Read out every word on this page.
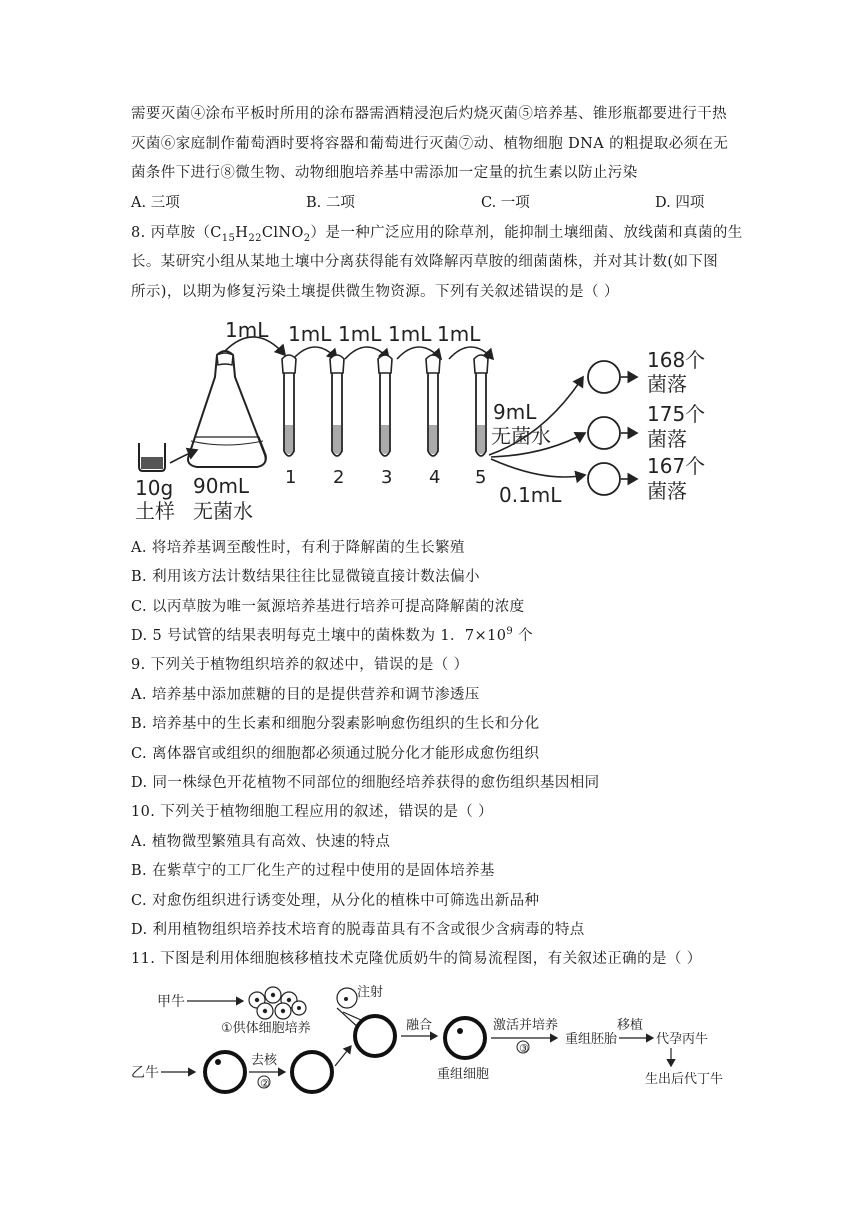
需要灭菌④涂布平板时所用的涂布器需酒精浸泡后灼烧灭菌⑤培养基、锥形瓶都要进行干热
灭菌⑥家庭制作葡萄酒时要将容器和葡萄进行灭菌⑦动、植物细胞 DNA 的粗提取必须在无
菌条件下进行⑧微生物、动物细胞培养基中需添加一定量的抗生素以防止污染
A. 三项	B. 二项	C. 一项	D. 四项
8. 丙草胺$(C_{15}H_{22}ClNO_2)$是一种广泛应用的除草剂，能抑制土壤细菌、放线菌和真菌的生
长。某研究小组从某地土壤中分离获得能有效降解丙草胺的细菌菌株，并对其计数(如下图
所示)，以期为修复污染土壤提供微生物资源。下列有关叙述错误的是（ ）
10g
土样
90mL
无菌水
1mL 1mL 1mL 1mL 1mL
1 2 3 4 5
9mL
无菌水
0.1mL
168个
菌落
175个
菌落
167个
菌落
A. 将培养基调至酸性时，有利于降解菌的生长繁殖
B. 利用该方法计数结果往往比显微镜直接计数法偏小
C. 以丙草胺为唯一氮源培养基进行培养可提高降解菌的浓度
D. 5 号试管的结果表明每克土壤中的菌株数为 1．$7\times 10^9$ 个
9. 下列关于植物组织培养的叙述中，错误的是（ ）
A. 培养基中添加蔗糖的目的是提供营养和调节渗透压
B. 培养基中的生长素和细胞分裂素影响愈伤组织的生长和分化
C. 离体器官或组织的细胞都必须通过脱分化才能形成愈伤组织
D. 同一株绿色开花植物不同部位的细胞经培养获得的愈伤组织基因相同
10. 下列关于植物细胞工程应用的叙述，错误的是（ ）
A. 植物微型繁殖具有高效、快速的特点
B. 在紫草宁的工厂化生产的过程中使用的是固体培养基
C. 对愈伤组织进行诱变处理，从分化的植株中可筛选出新品种
D. 利用植物组织培养技术培育的脱毒苗具有不含或很少含病毒的特点
11. 下图是利用体细胞核移植技术克隆优质奶牛的简易流程图，有关叙述正确的是（ ）
甲牛
①供体细胞培养
乙牛
去核
②
注射
融合
重组细胞
激活并培养
③
重组胚胎
移植
代孕丙牛
生出后代丁牛
